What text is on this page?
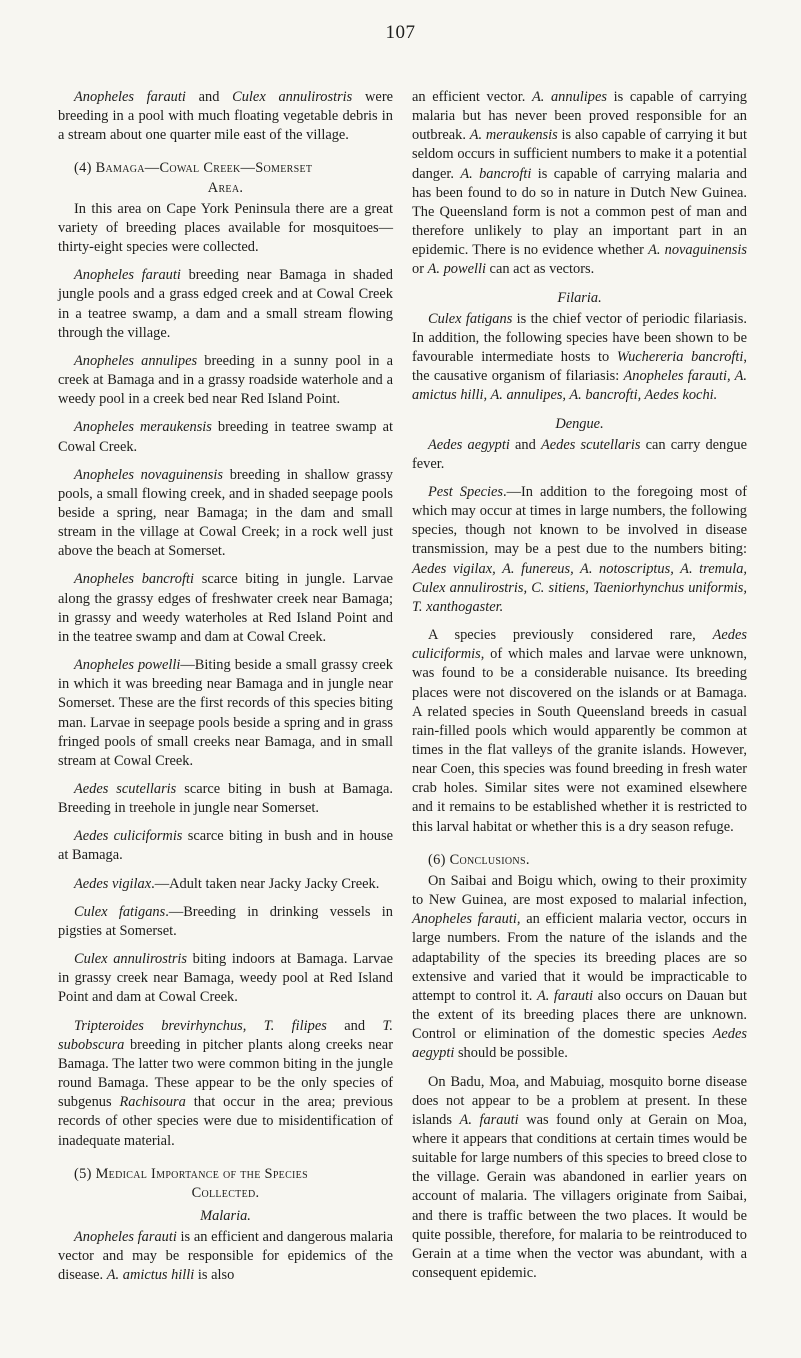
107

Anopheles farauti and Culex annulirostris were breeding in a pool with much floating vegetable debris in a stream about one quarter mile east of the village.

(4) Bamaga—Cowal Creek—Somerset
Area.

In this area on Cape York Peninsula there are a great variety of breeding places available for mosquitoes—thirty-eight species were collected.

Anopheles farauti breeding near Bamaga in shaded jungle pools and a grass edged creek and at Cowal Creek in a teatree swamp, a dam and a small stream flowing through the village.

Anopheles annulipes breeding in a sunny pool in a creek at Bamaga and in a grassy roadside waterhole and a weedy pool in a creek bed near Red Island Point.

Anopheles meraukensis breeding in teatree swamp at Cowal Creek.

Anopheles novaguinensis breeding in shallow grassy pools, a small flowing creek, and in shaded seepage pools beside a spring, near Bamaga; in the dam and small stream in the village at Cowal Creek; in a rock well just above the beach at Somerset.

Anopheles bancrofti scarce biting in jungle. Larvae along the grassy edges of freshwater creek near Bamaga; in grassy and weedy waterholes at Red Island Point and in the teatree swamp and dam at Cowal Creek.

Anopheles powelli—Biting beside a small grassy creek in which it was breeding near Bamaga and in jungle near Somerset. These are the first records of this species biting man. Larvae in seepage pools beside a spring and in grass fringed pools of small creeks near Bamaga, and in small stream at Cowal Creek.

Aedes scutellaris scarce biting in bush at Bamaga. Breeding in treehole in jungle near Somerset.

Aedes culiciformis scarce biting in bush and in house at Bamaga.

Aedes vigilax.—Adult taken near Jacky Jacky Creek.

Culex fatigans.—Breeding in drinking vessels in pigsties at Somerset.

Culex annulirostris biting indoors at Bamaga. Larvae in grassy creek near Bamaga, weedy pool at Red Island Point and dam at Cowal Creek.

Tripteroides brevirhynchus, T. filipes and T. subobscura breeding in pitcher plants along creeks near Bamaga. The latter two were common biting in the jungle round Bamaga. These appear to be the only species of subgenus Rachisoura that occur in the area; previous records of other species were due to misidentification of inadequate material.

(5) Medical Importance of the Species
Collected.

Malaria.

Anopheles farauti is an efficient and dangerous malaria vector and may be responsible for epidemics of the disease. A. amictus hilli is also

an efficient vector. A. annulipes is capable of carrying malaria but has never been proved responsible for an outbreak. A. meraukensis is also capable of carrying it but seldom occurs in sufficient numbers to make it a potential danger. A. bancrofti is capable of carrying malaria and has been found to do so in nature in Dutch New Guinea. The Queensland form is not a common pest of man and therefore unlikely to play an important part in an epidemic. There is no evidence whether A. novaguinensis or A. powelli can act as vectors.

Filaria.

Culex fatigans is the chief vector of periodic filariasis. In addition, the following species have been shown to be favourable intermediate hosts to Wuchereria bancrofti, the causative organism of filariasis: Anopheles farauti, A. amictus hilli, A. annulipes, A. bancrofti, Aedes kochi.

Dengue.

Aedes aegypti and Aedes scutellaris can carry dengue fever.

Pest Species.—In addition to the foregoing most of which may occur at times in large numbers, the following species, though not known to be involved in disease transmission, may be a pest due to the numbers biting: Aedes vigilax, A. funereus, A. notoscriptus, A. tremula, Culex annulirostris, C. sitiens, Taeniorhynchus uniformis, T. xanthogaster.

A species previously considered rare, Aedes culiciformis, of which males and larvae were unknown, was found to be a considerable nuisance. Its breeding places were not discovered on the islands or at Bamaga. A related species in South Queensland breeds in casual rain-filled pools which would apparently be common at times in the flat valleys of the granite islands. However, near Coen, this species was found breeding in fresh water crab holes. Similar sites were not examined elsewhere and it remains to be established whether it is restricted to this larval habitat or whether this is a dry season refuge.

(6) Conclusions.

On Saibai and Boigu which, owing to their proximity to New Guinea, are most exposed to malarial infection, Anopheles farauti, an efficient malaria vector, occurs in large numbers. From the nature of the islands and the adaptability of the species its breeding places are so extensive and varied that it would be impracticable to attempt to control it. A. farauti also occurs on Dauan but the extent of its breeding places there are unknown. Control or elimination of the domestic species Aedes aegypti should be possible.

On Badu, Moa, and Mabuiag, mosquito borne disease does not appear to be a problem at present. In these islands A. farauti was found only at Gerain on Moa, where it appears that conditions at certain times would be suitable for large numbers of this species to breed close to the village. Gerain was abandoned in earlier years on account of malaria. The villagers originate from Saibai, and there is traffic between the two places. It would be quite possible, therefore, for malaria to be reintroduced to Gerain at a time when the vector was abundant, with a consequent epidemic.
